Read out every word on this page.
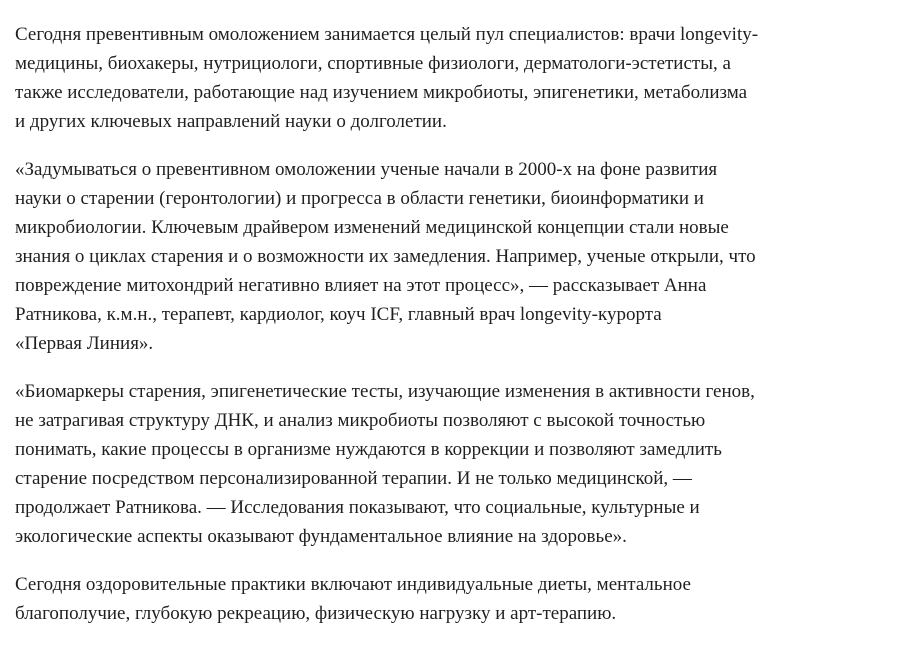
Сегодня превентивным омоложением занимается целый пул специалистов: врачи longevity-
медицины, биохакеры, нутрициологи, спортивные физиологи, дерматологи-эстетисты, а
также исследователи, работающие над изучением микробиоты, эпигенетики, метаболизма
и других ключевых направлений науки о долголетии.

«Задумываться о превентивном омоложении ученые начали в 2000-х на фоне развития
науки о старении (геронтологии) и прогресса в области генетики, биоинформатики и
микробиологии. Ключевым драйвером изменений медицинской концепции стали новые
знания о циклах старения и о возможности их замедления. Например, ученые открыли, что
повреждение митохондрий негативно влияет на этот процесс», — рассказывает Анна
Ратникова, к.м.н., терапевт, кардиолог, коуч ICF, главный врач longevity-курорта
«Первая Линия».

«Биомаркеры старения, эпигенетические тесты, изучающие изменения в активности генов,
не затрагивая структуру ДНК, и анализ микробиоты позволяют с высокой точностью
понимать, какие процессы в организме нуждаются в коррекции и позволяют замедлить
старение посредством персонализированной терапии. И не только медицинской, —
продолжает Ратникова. — Исследования показывают, что социальные, культурные и
экологические аспекты оказывают фундаментальное влияние на здоровье».

Сегодня оздоровительные практики включают индивидуальные диеты, ментальное
благополучие, глубокую рекреацию, физическую нагрузку и арт-терапию.
